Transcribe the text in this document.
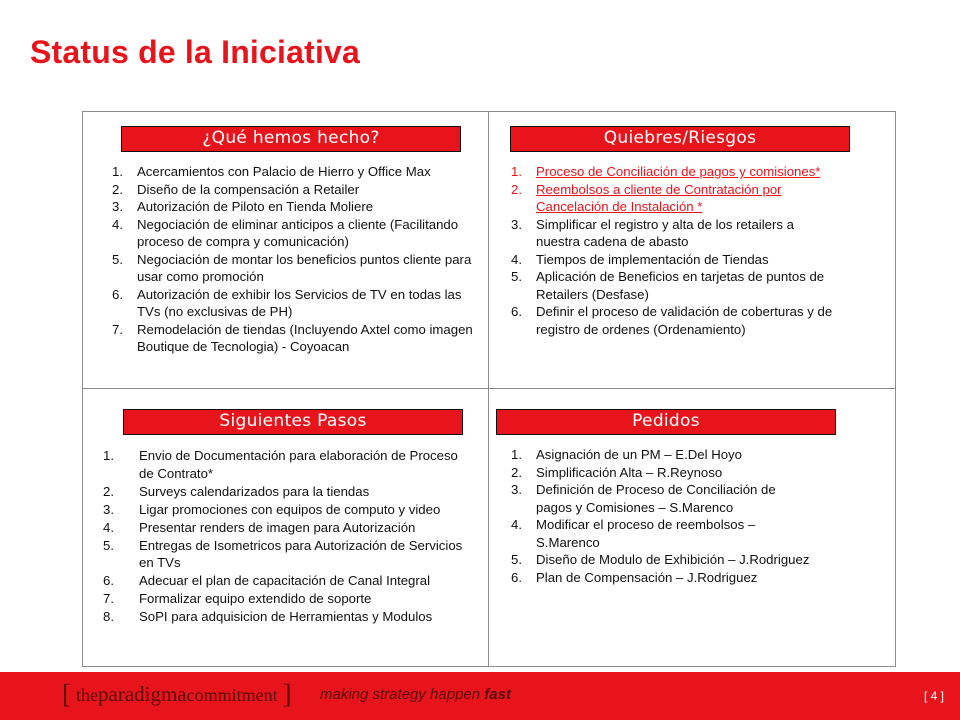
Status de la Iniciativa
¿Qué hemos hecho?
1. Acercamientos con Palacio de Hierro y Office Max
2. Diseño de la compensación a Retailer
3. Autorización de Piloto en Tienda Moliere
4. Negociación de eliminar anticipos a cliente (Facilitando proceso de compra y comunicación)
5. Negociación de montar los beneficios puntos cliente para usar como promoción
6. Autorización de exhibir los Servicios de TV en todas las TVs (no exclusivas de PH)
7. Remodelación de tiendas (Incluyendo Axtel como imagen Boutique de Tecnologia) - Coyoacan
Quiebres/Riesgos
1. Proceso de Conciliación de pagos y comisiones*
2. Reembolsos a cliente de Contratación por Cancelación de Instalación *
3. Simplificar el registro y alta de los retailers a nuestra cadena de abasto
4. Tiempos de implementación de Tiendas
5. Aplicación de Beneficios en tarjetas de puntos de Retailers (Desfase)
6. Definir el proceso de validación de coberturas y de registro de ordenes (Ordenamiento)
Siguientes Pasos
1. Envio de Documentación para elaboración de Proceso de Contrato*
2. Surveys calendarizados para la tiendas
3. Ligar promociones con equipos de computo y video
4. Presentar renders de imagen para Autorización
5. Entregas de Isometricos para Autorización de Servicios en TVs
6. Adecuar el plan de capacitación de Canal Integral
7. Formalizar equipo extendido de soporte
8. SoPI para adquisicion de Herramientas y Modulos
Pedidos
1. Asignación de un PM – E.Del Hoyo
2. Simplificación Alta – R.Reynoso
3. Definición de Proceso de Conciliación de pagos y Comisiones – S.Marenco
4. Modificar el proceso de reembolsos – S.Marenco
5. Diseño de Modulo de Exhibición – J.Rodriguez
6. Plan de Compensación – J.Rodriguez
[ theparadigmacommitment ] making strategy happen fast	[ 4 ]
